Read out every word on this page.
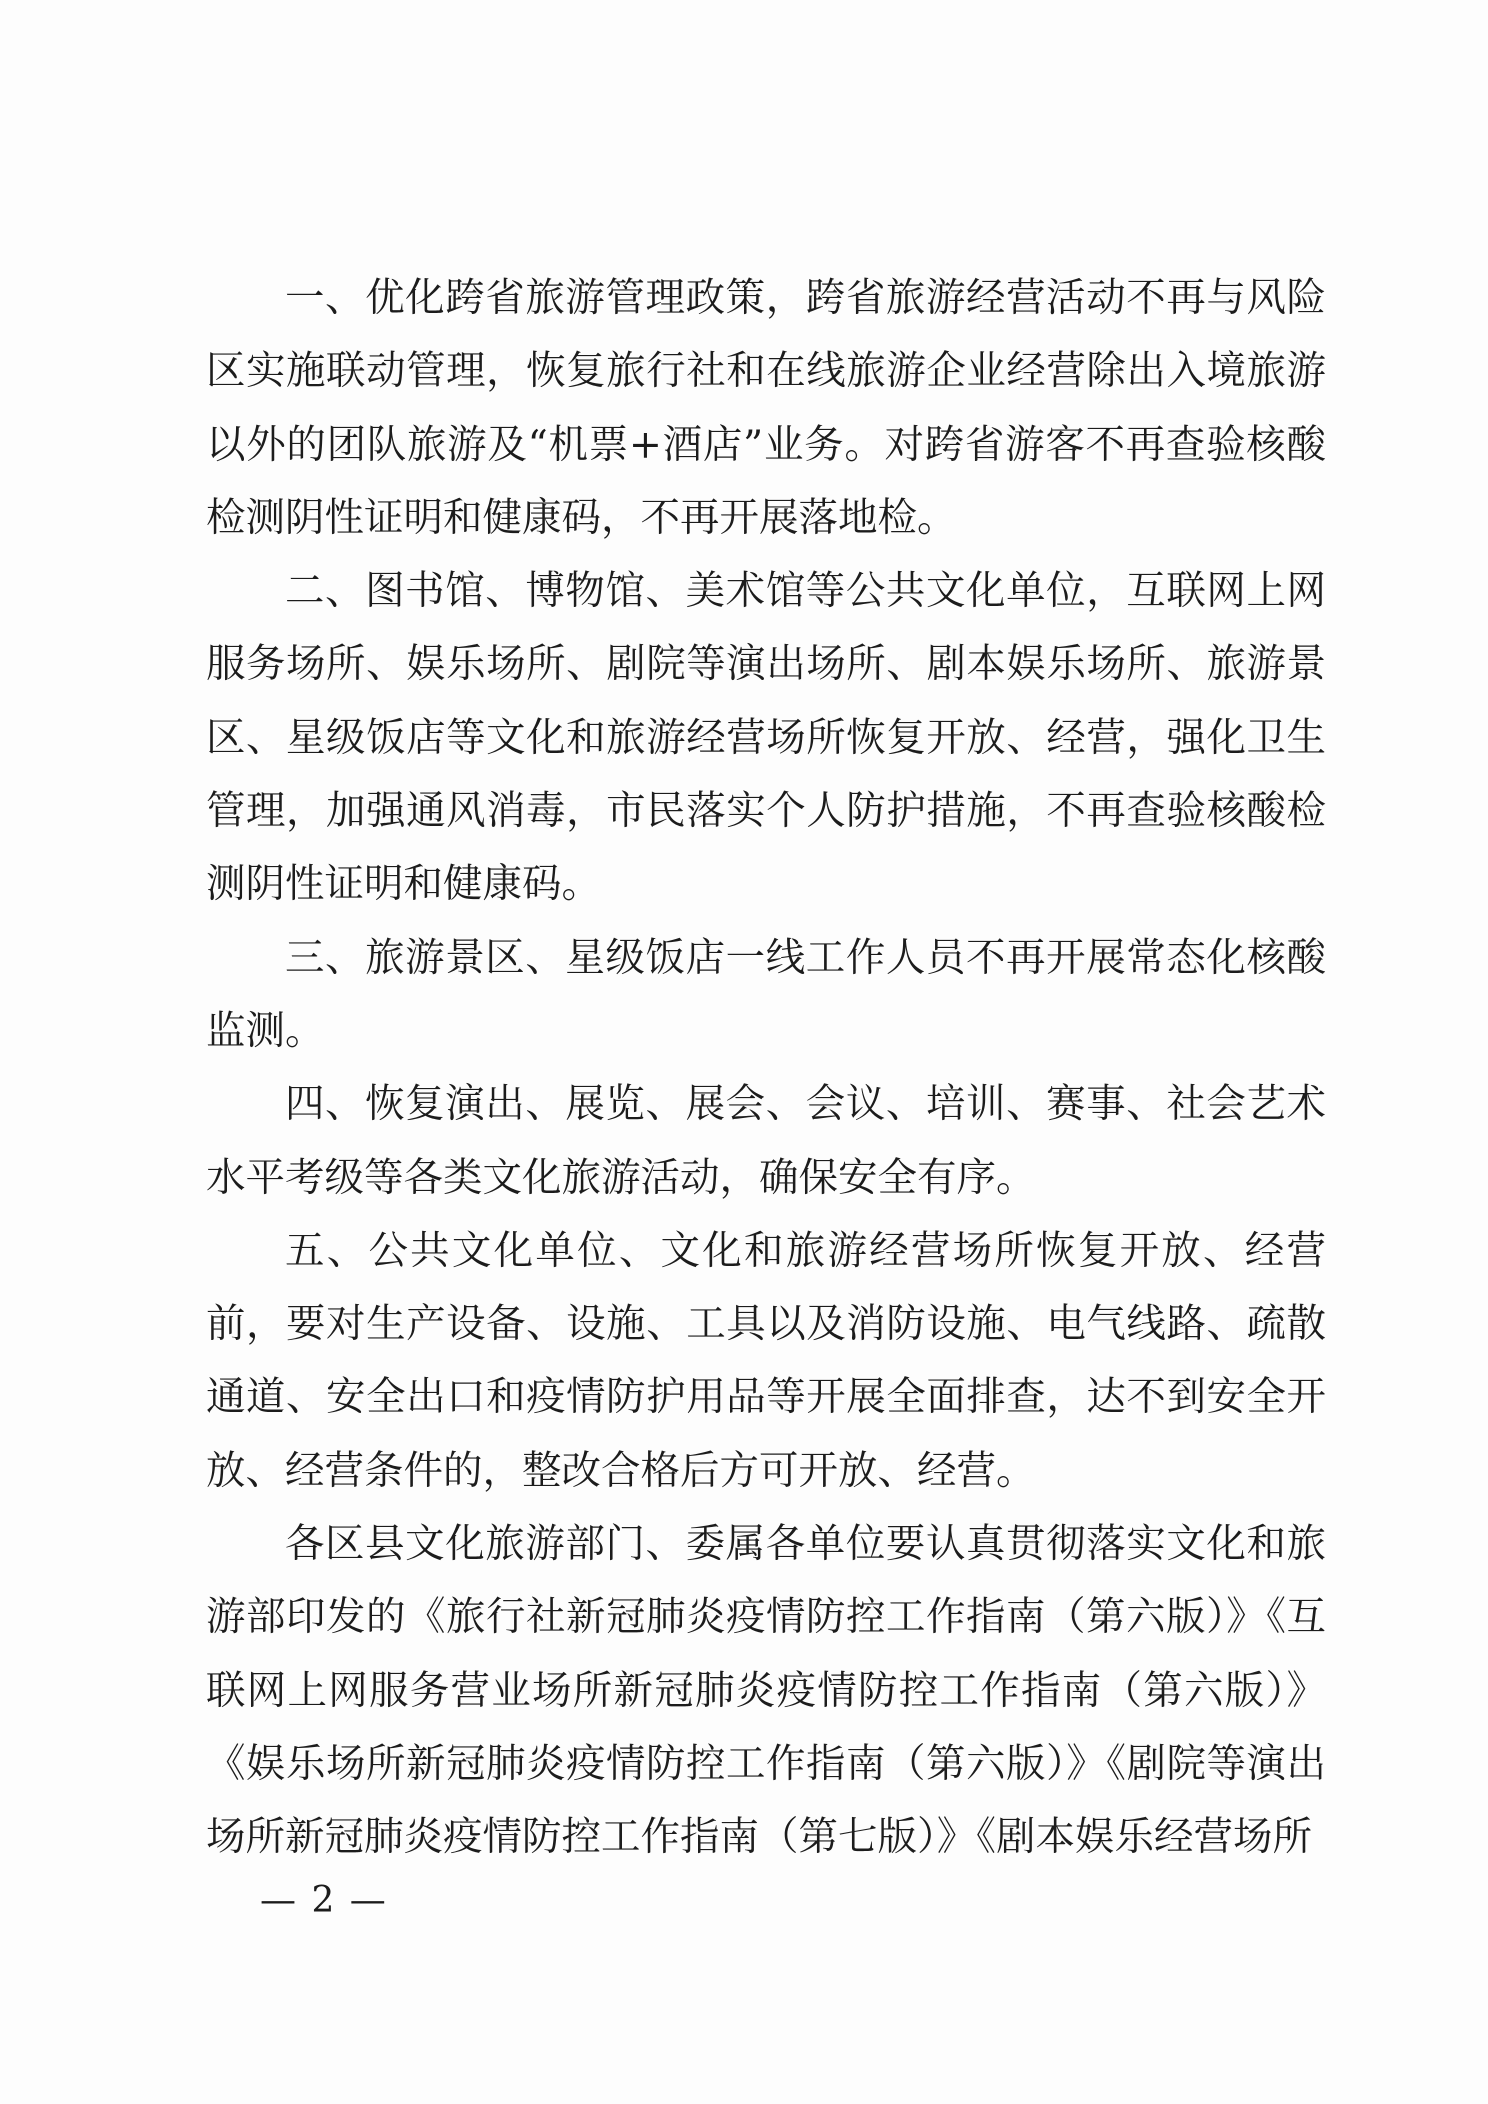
一、优化跨省旅游管理政策，跨省旅游经营活动不再与风险区实施联动管理，恢复旅行社和在线旅游企业经营除出入境旅游以外的团队旅游及“机票+酒店”业务。对跨省游客不再查验核酸检测阴性证明和健康码，不再开展落地检。

二、图书馆、博物馆、美术馆等公共文化单位，互联网上网服务场所、娱乐场所、剧院等演出场所、剧本娱乐场所、旅游景区、星级饭店等文化和旅游经营场所恢复开放、经营，强化卫生管理，加强通风消毒，市民落实个人防护措施，不再查验核酸检测阴性证明和健康码。

三、旅游景区、星级饭店一线工作人员不再开展常态化核酸监测。

四、恢复演出、展览、展会、会议、培训、赛事、社会艺术水平考级等各类文化旅游活动，确保安全有序。

五、公共文化单位、文化和旅游经营场所恢复开放、经营前，要对生产设备、设施、工具以及消防设施、电气线路、疏散通道、安全出口和疫情防护用品等开展全面排查，达不到安全开放、经营条件的，整改合格后方可开放、经营。

各区县文化旅游部门、委属各单位要认真贯彻落实文化和旅游部印发的《旅行社新冠肺炎疫情防控工作指南（第六版）》《互联网上网服务营业场所新冠肺炎疫情防控工作指南（第六版）》《娱乐场所新冠肺炎疫情防控工作指南（第六版）》《剧院等演出场所新冠肺炎疫情防控工作指南（第七版）》《剧本娱乐经营场所

— 2 —
